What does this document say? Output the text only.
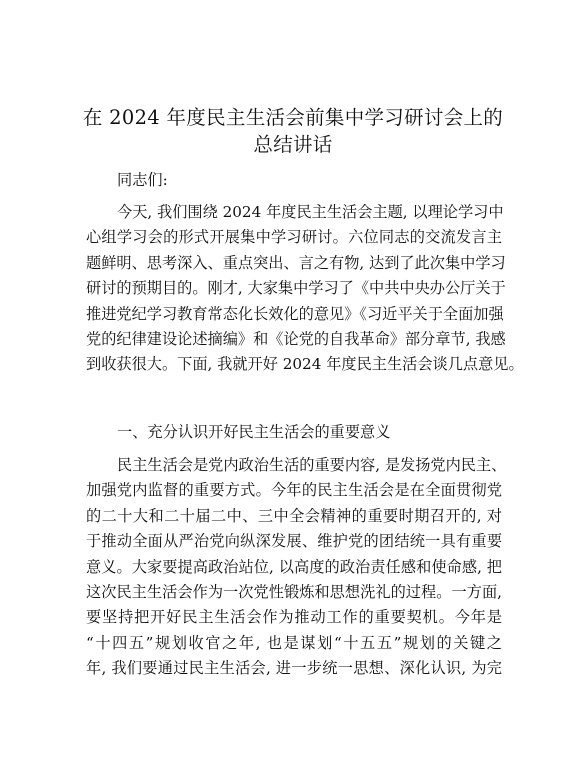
在 2024 年度民主生活会前集中学习研讨会上的
总结讲话
同志们:
今天, 我们围绕 2024 年度民主生活会主题, 以理论学习中
心组学习会的形式开展集中学习研讨。六位同志的交流发言主
题鲜明、思考深入、重点突出、言之有物, 达到了此次集中学习
研讨的预期目的。刚才, 大家集中学习了《中共中央办公厅关于
推进党纪学习教育常态化长效化的意见》《习近平关于全面加强
党的纪律建设论述摘编》和《论党的自我革命》部分章节, 我感
到收获很大。下面, 我就开好 2024 年度民主生活会谈几点意见。
一、充分认识开好民主生活会的重要意义
民主生活会是党内政治生活的重要内容, 是发扬党内民主、
加强党内监督的重要方式。今年的民主生活会是在全面贯彻党
的二十大和二十届二中、三中全会精神的重要时期召开的, 对
于推动全面从严治党向纵深发展、维护党的团结统一具有重要
意义。大家要提高政治站位, 以高度的政治责任感和使命感, 把
这次民主生活会作为一次党性锻炼和思想洗礼的过程。一方面,
要坚持把开好民主生活会作为推动工作的重要契机。今年是
“十四五”规划收官之年, 也是谋划“十五五”规划的关键之
年, 我们要通过民主生活会, 进一步统一思想、深化认识, 为完
